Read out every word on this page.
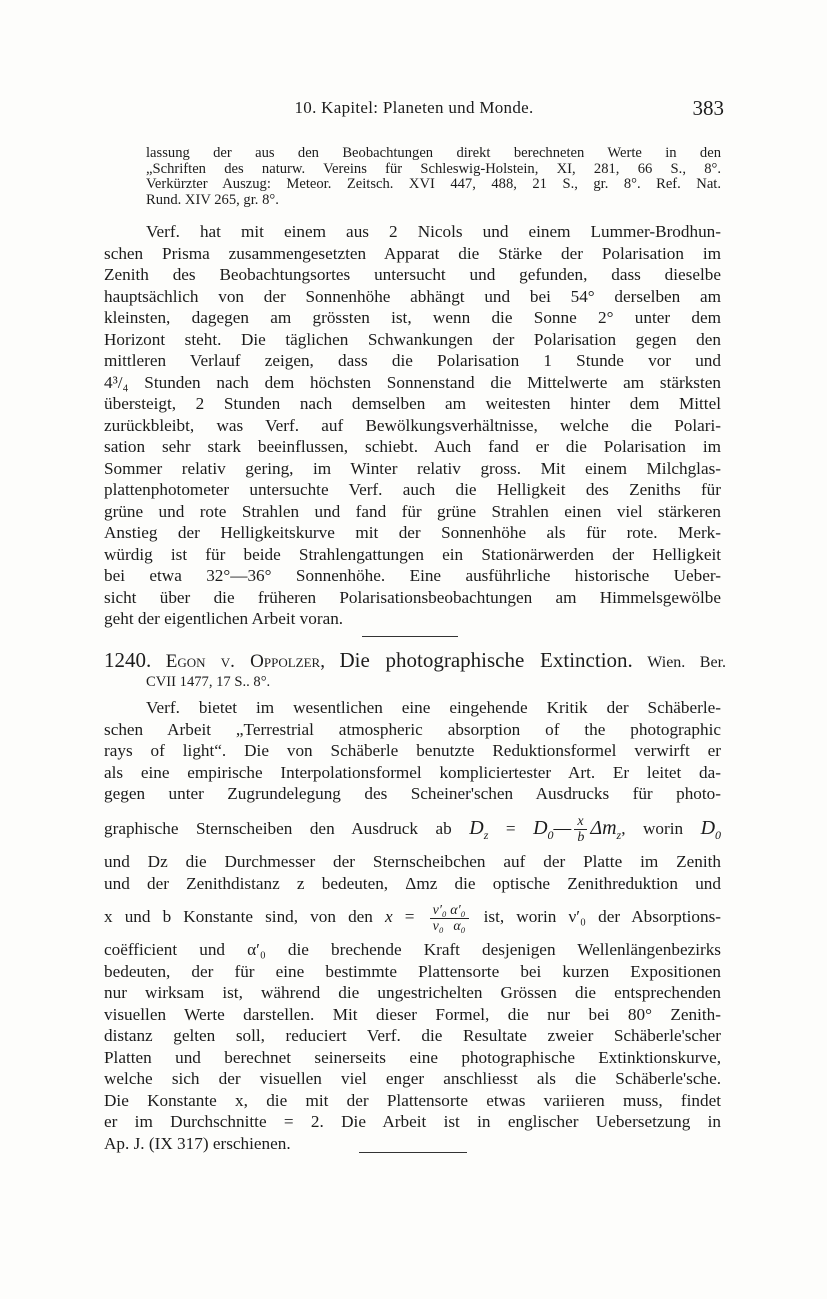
10. Kapitel: Planeten und Monde.	383
lassung der aus den Beobachtungen direkt berechneten Werte in den
„Schriften des naturw. Vereins für Schleswig-Holstein, XI, 281, 66 S., 8°.
Verkürzter Auszug: Meteor. Zeitsch. XVI 447, 488, 21 S., gr. 8°. Ref. Nat.
Rund. XIV 265, gr. 8°.
Verf. hat mit einem aus 2 Nicols und einem Lummer-Brodhun-
schen Prisma zusammengesetzten Apparat die Stärke der Polarisation im
Zenith des Beobachtungsortes untersucht und gefunden, dass dieselbe
hauptsächlich von der Sonnenhöhe abhängt und bei 54° derselben am
kleinsten, dagegen am grössten ist, wenn die Sonne 2° unter dem
Horizont steht. Die täglichen Schwankungen der Polarisation gegen den
mittleren Verlauf zeigen, dass die Polarisation 1 Stunde vor und
4³/₄ Stunden nach dem höchsten Sonnenstand die Mittelwerte am stärksten
übersteigt, 2 Stunden nach demselben am weitesten hinter dem Mittel
zurückbleibt, was Verf. auf Bewölkungsverhältnisse, welche die Polari-
sation sehr stark beeinflussen, schiebt. Auch fand er die Polarisation im
Sommer relativ gering, im Winter relativ gross. Mit einem Milchglas-
plattenphotometer untersuchte Verf. auch die Helligkeit des Zeniths für
grüne und rote Strahlen und fand für grüne Strahlen einen viel stärkeren
Anstieg der Helligkeitskurve mit der Sonnenhöhe als für rote. Merk-
würdig ist für beide Strahlengattungen ein Stationärwerden der Helligkeit
bei etwa 32°—36° Sonnenhöhe. Eine ausführliche historische Ueber-
sicht über die früheren Polarisationsbeobachtungen am Himmelsgewölbe
geht der eigentlichen Arbeit voran.
1240. Egon v. Oppolzer, Die photographische Extinction. Wien. Ber.
CVII 1477, 17 S.. 8°.
Verf. bietet im wesentlichen eine eingehende Kritik der Schäberle-
schen Arbeit „Terrestrial atmospheric absorption of the photographic
rays of light“. Die von Schäberle benutzte Reduktionsformel verwirft er
als eine empirische Interpolationsformel kompliciertester Art. Er leitet da-
gegen unter Zugrundelegung des Scheiner'schen Ausdrucks für photo-
graphische Sternscheiben den Ausdruck ab $D_z$ = $D_0— \frac{x}{b} \Delta m_z$, worin $D_0$
und Dz die Durchmesser der Sternscheibchen auf der Platte im Zenith
und der Zenithdistanz z bedeuten, Δmz die optische Zenithreduktion und
x und b Konstante sind, von den $x = \frac{\text{ν′₀ α′₀}}{\text{ν₀ α₀}}$ ist, worin ν′₀ der Absorptions-
coëfficient und α′₀ die brechende Kraft desjenigen Wellenlängenbezirks
bedeuten, der für eine bestimmte Plattensorte bei kurzen Expositionen
nur wirksam ist, während die ungestrichelten Grössen die entsprechenden
visuellen Werte darstellen. Mit dieser Formel, die nur bei 80° Zenith-
distanz gelten soll, reduciert Verf. die Resultate zweier Schäberle'scher
Platten und berechnet seinerseits eine photographische Extinktionskurve,
welche sich der visuellen viel enger anschliesst als die Schäberle'sche.
Die Konstante x, die mit der Plattensorte etwas variieren muss, findet
er im Durchschnitte = 2. Die Arbeit ist in englischer Uebersetzung in
Ap. J. (IX 317) erschienen.
